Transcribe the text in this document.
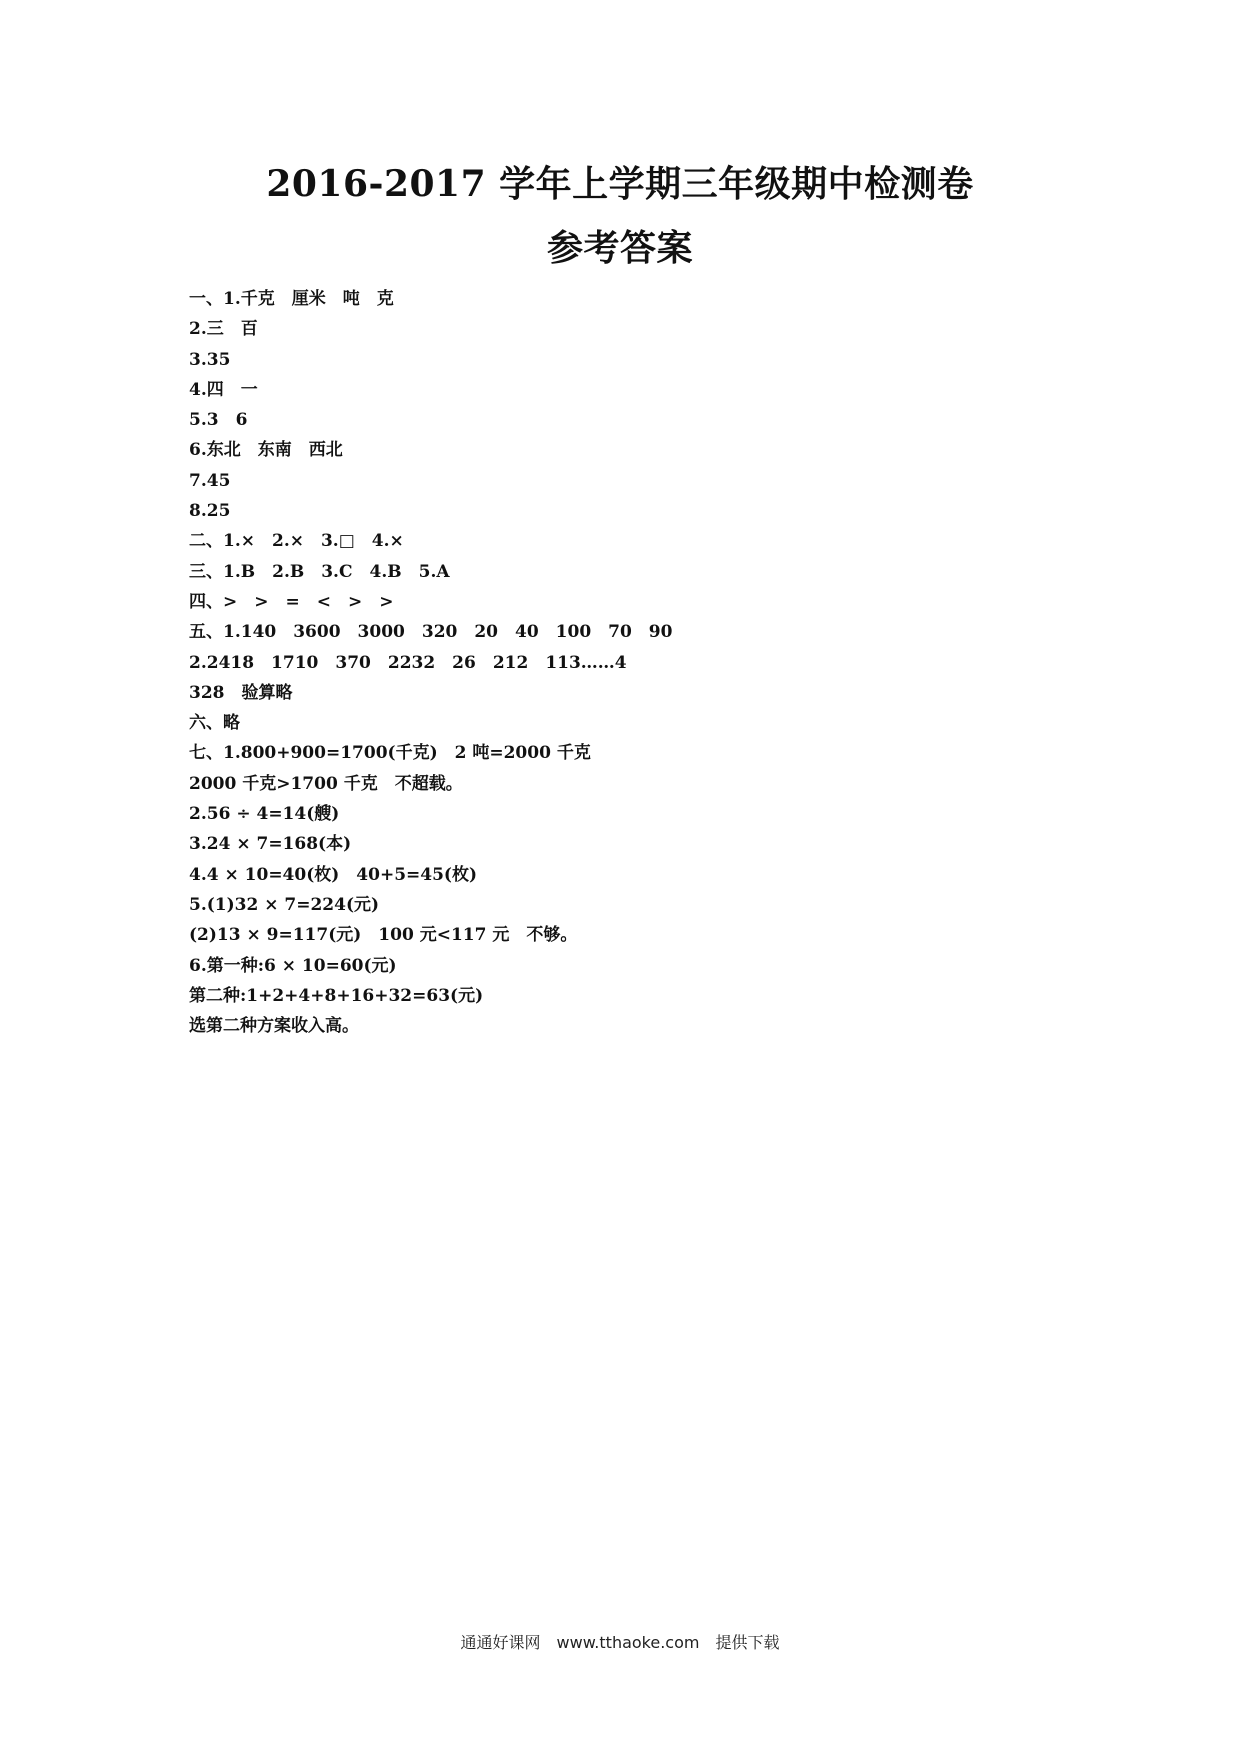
2016-2017 学年上学期三年级期中检测卷
参考答案
一、1.千克　厘米　吨　克
2.三　百
3.35
4.四　一
5.3　6
6.东北　东南　西北
7.45
8.25
二、1.×　2.×　3.□　4.×
三、1.B　2.B　3.C　4.B　5.A
四、>　>　=　<　>　>
五、1.140　3600　3000　320　20　40　100　70　90
2.2418　1710　370　2232　26　212　113……4
328　验算略
六、略
七、1.800+900=1700(千克)　2 吨=2000 千克
2000 千克>1700 千克　不超载。
2.56 ÷ 4=14(艘)
3.24 × 7=168(本)
4.4 × 10=40(枚)　40+5=45(枚)
5.(1)32 × 7=224(元)
(2)13 × 9=117(元)　100 元<117 元　不够。
6.第一种:6 × 10=60(元)
第二种:1+2+4+8+16+32=63(元)
选第二种方案收入高。
通通好课网　www.tthaoke.com　提供下载
